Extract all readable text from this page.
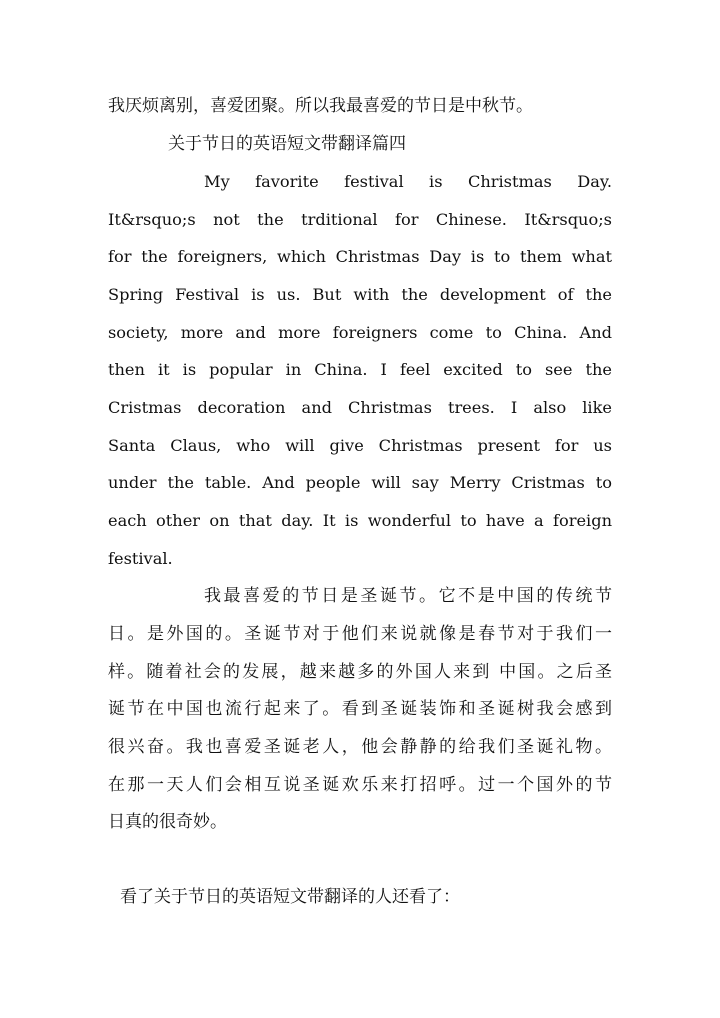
我厌烦离别，喜爱团聚。所以我最喜爱的节日是中秋节。
关于节日的英语短文带翻译篇四
My favorite festival is Christmas Day.
It&rsquo;s not the trditional for Chinese. It&rsquo;s
for the foreigners, which Christmas Day is to them what
Spring Festival is us. But with the development of the
society, more and more foreigners come to China. And
then it is popular in China. I feel excited to see the
Cristmas decoration and Christmas trees. I also like
Santa Claus, who will give Christmas present for us
under the table. And people will say Merry Cristmas to
each other on that day. It is wonderful to have a foreign
festival.
我最喜爱的节日是圣诞节。它不是中国的传统节
日。是外国的。圣诞节对于他们来说就像是春节对于我们一
样。随着社会的发展，越来越多的外国人来到 中国。之后圣
诞节在中国也流行起来了。看到圣诞装饰和圣诞树我会感到
很兴奋。我也喜爱圣诞老人，他会静静的给我们圣诞礼物。
在那一天人们会相互说圣诞欢乐来打招呼。过一个国外的节
日真的很奇妙。
看了关于节日的英语短文带翻译的人还看了：
